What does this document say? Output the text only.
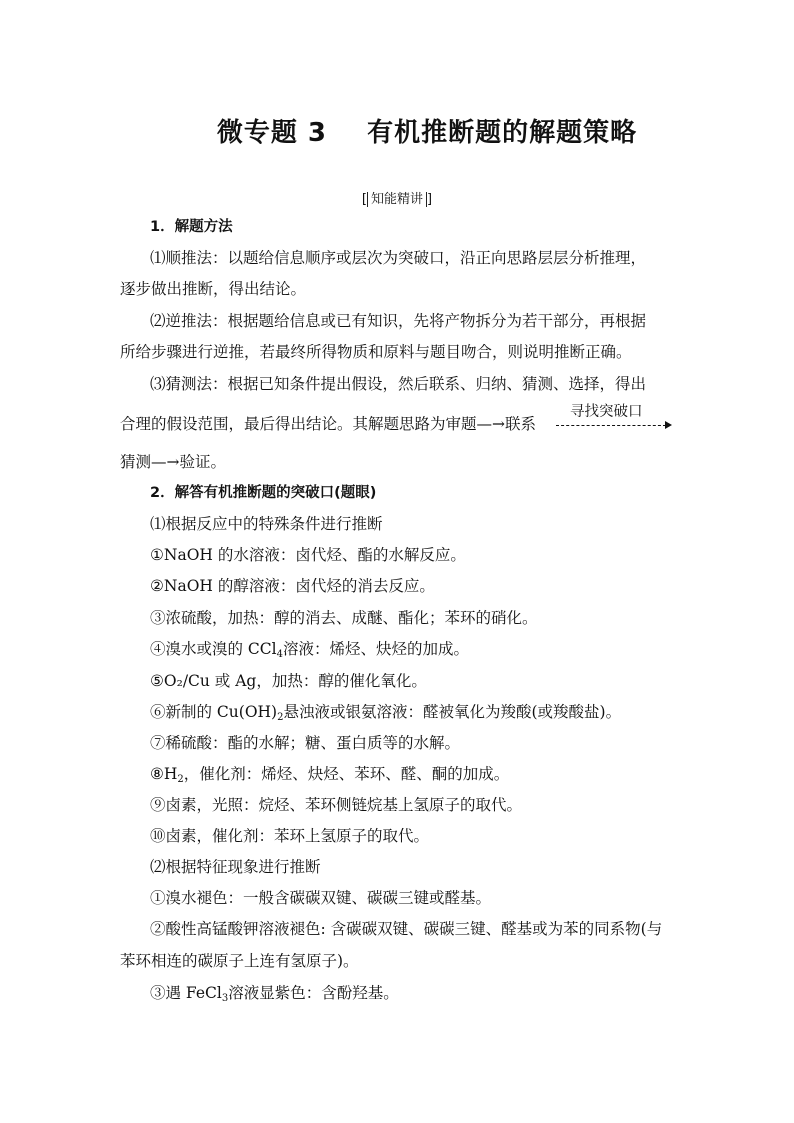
微专题 3    有机推断题的解题策略
[ 知能精讲 ]
1．解题方法
⑴顺推法：以题给信息顺序或层次为突破口，沿正向思路层层分析推理，
逐步做出推断，得出结论。
⑵逆推法：根据题给信息或已有知识，先将产物拆分为若干部分，再根据
所给步骤进行逆推，若最终所得物质和原料与题目吻合，则说明推断正确。
⑶猜测法：根据已知条件提出假设，然后联系、归纳、猜测、选择，得出
合理的假设范围，最后得出结论。其解题思路为审题—→联系
寻找突破口
猜测—→验证。
2．解答有机推断题的突破口(题眼)
⑴根据反应中的特殊条件进行推断
①NaOH 的水溶液：卤代烃、酯的水解反应。
②NaOH 的醇溶液：卤代烃的消去反应。
③浓硫酸，加热：醇的消去、成醚、酯化；苯环的硝化。
④溴水或溴的 CCl$_4$溶液：烯烃、炔烃的加成。
⑤O₂/Cu 或 Ag，加热：醇的催化氧化。
⑥新制的 $Cu(OH)_2$悬浊液或银氨溶液：醛被氧化为羧酸(或羧酸盐)。
⑦稀硫酸：酯的水解；糖、蛋白质等的水解。
$⑧H_2$，催化剂：烯烃、炔烃、苯环、醛、酮的加成。
⑨卤素，光照：烷烃、苯环侧链烷基上氢原子的取代。
⑩卤素，催化剂：苯环上氢原子的取代。
⑵根据特征现象进行推断
①溴水褪色：一般含碳碳双键、碳碳三键或醛基。
②酸性高锰酸钾溶液褪色: 含碳碳双键、碳碳三键、醛基或为苯的同系物(与
苯环相连的碳原子上连有氢原子)。
③遇 FeCl$_3$溶液显紫色：含酚羟基。
